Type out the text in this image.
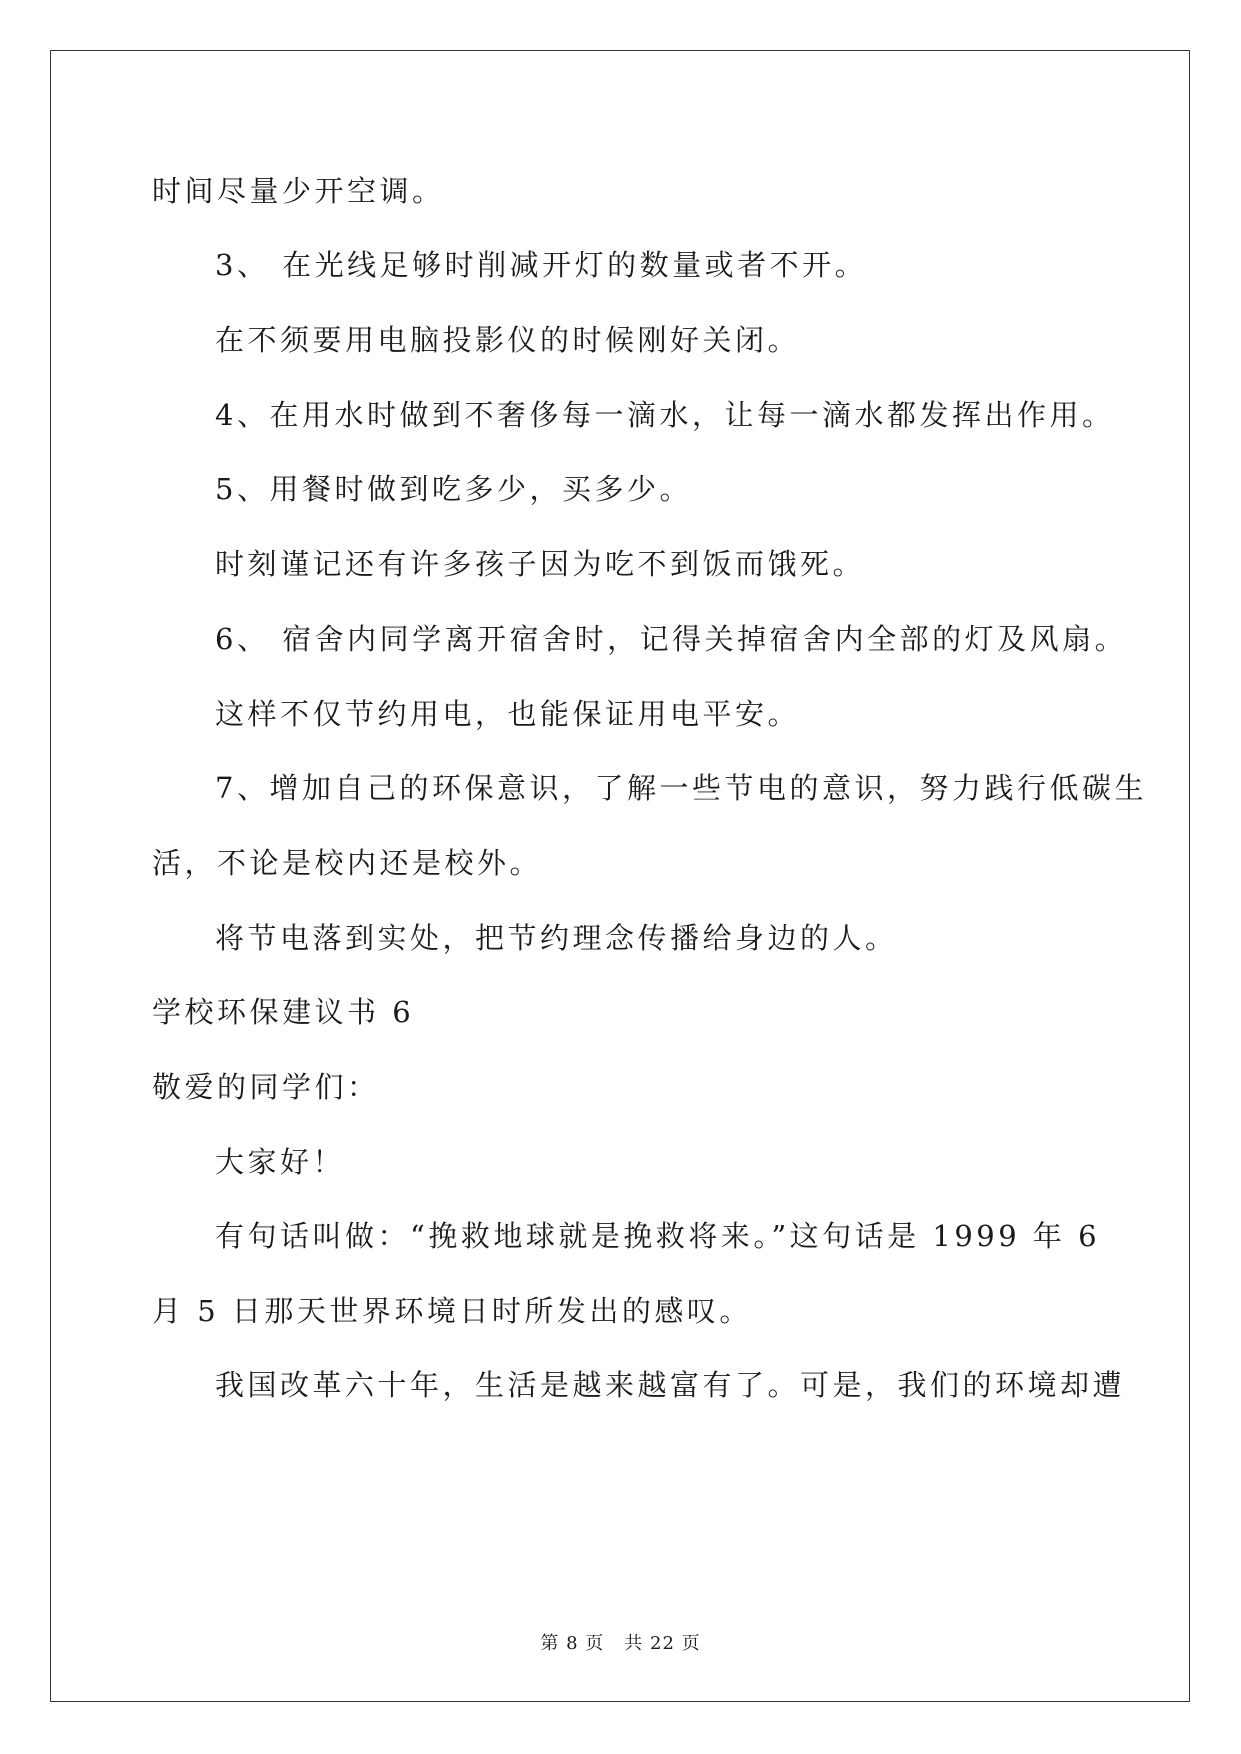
时间尽量少开空调。
3、 在光线足够时削减开灯的数量或者不开。
在不须要用电脑投影仪的时候刚好关闭。
4、在用水时做到不奢侈每一滴水，让每一滴水都发挥出作用。
5、用餐时做到吃多少，买多少。
时刻谨记还有许多孩子因为吃不到饭而饿死。
6、 宿舍内同学离开宿舍时，记得关掉宿舍内全部的灯及风扇。
这样不仅节约用电，也能保证用电平安。
7、增加自己的环保意识，了解一些节电的意识，努力践行低碳生
活，不论是校内还是校外。
将节电落到实处，把节约理念传播给身边的人。
学校环保建议书 6
敬爱的同学们：
大家好！
有句话叫做：“挽救地球就是挽救将来。”这句话是 1999 年 6
月 5 日那天世界环境日时所发出的感叹。
我国改革六十年，生活是越来越富有了。可是，我们的环境却遭
第 8 页 共 22 页
